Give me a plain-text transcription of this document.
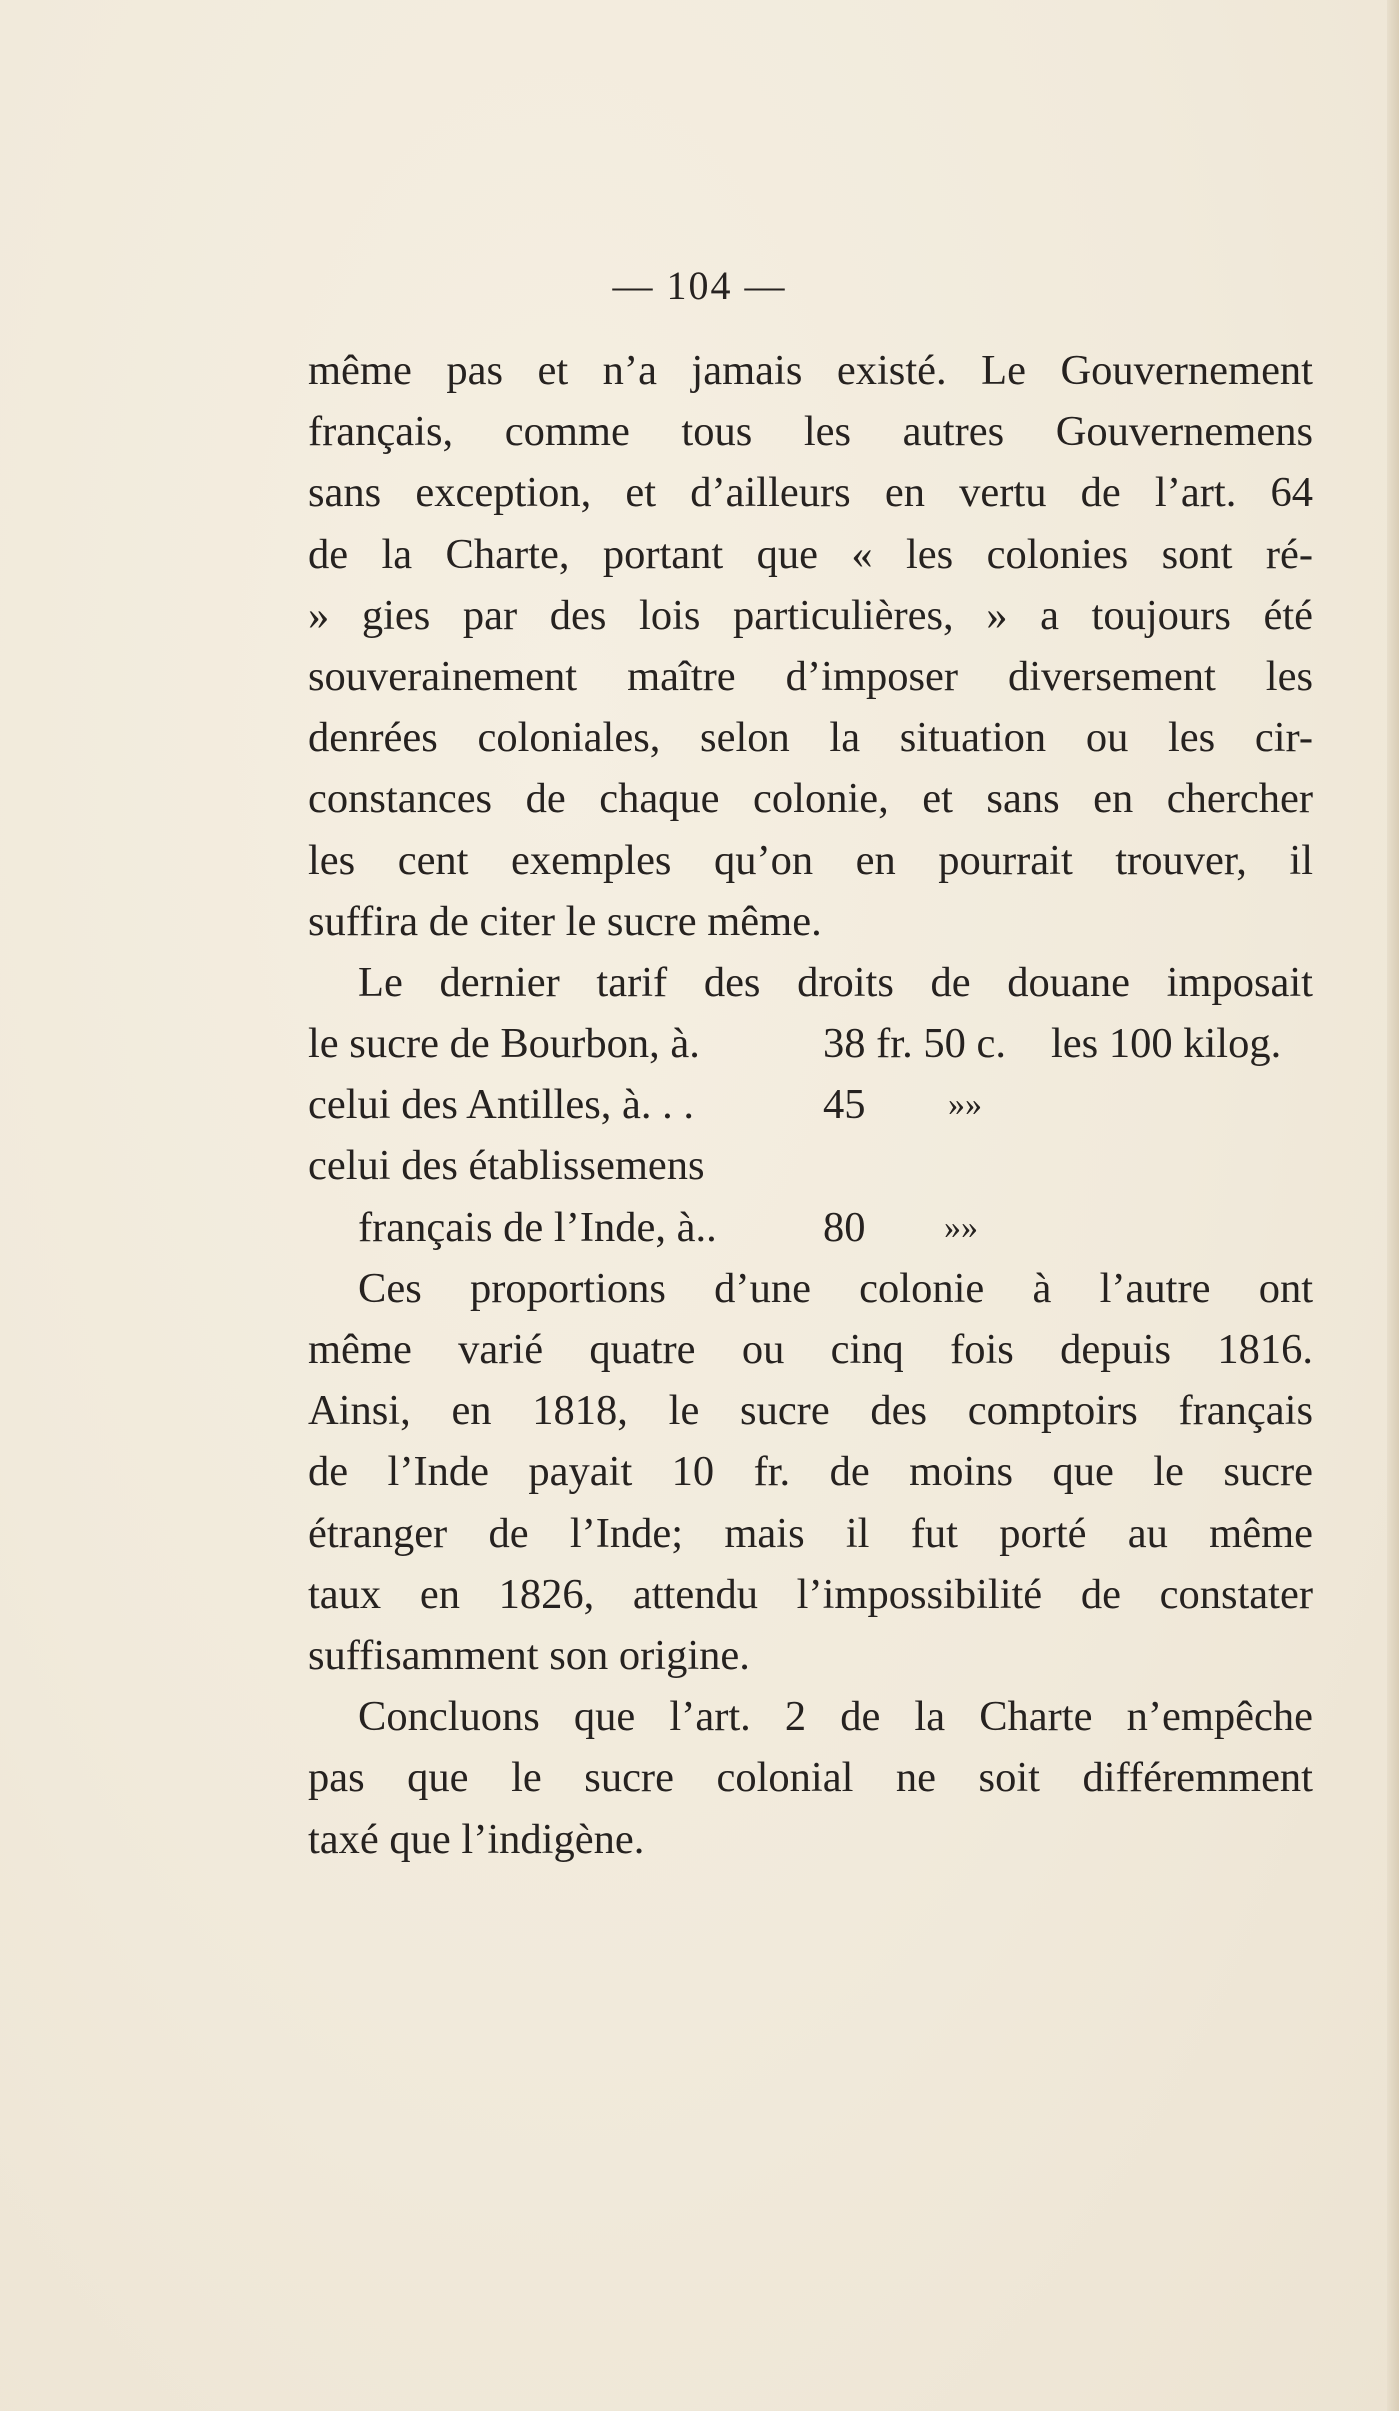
— 104 —
même pas et n’a jamais existé. Le Gouvernement
français, comme tous les autres Gouvernemens
sans exception, et d’ailleurs en vertu de l’art. 64
de la Charte, portant que « les colonies sont ré-
» gies par des lois particulières, » a toujours été
souverainement maître d’imposer diversement les
denrées coloniales, selon la situation ou les cir-
constances de chaque colonie, et sans en chercher
les cent exemples qu’on en pourrait trouver, il
suffira de citer le sucre même.
Le dernier tarif des droits de douane imposait
le sucre de Bourbon, à.	38 fr. 50 c. les 100 kilog.
celui des Antilles, à. . .	45 »»
celui des établissemens
français de l’Inde, à..	80 »»
Ces proportions d’une colonie à l’autre ont
même varié quatre ou cinq fois depuis 1816.
Ainsi, en 1818, le sucre des comptoirs français
de l’Inde payait 10 fr. de moins que le sucre
étranger de l’Inde; mais il fut porté au même
taux en 1826, attendu l’impossibilité de constater
suffisamment son origine.
Concluons que l’art. 2 de la Charte n’empêche
pas que le sucre colonial ne soit différemment
taxé que l’indigène.
